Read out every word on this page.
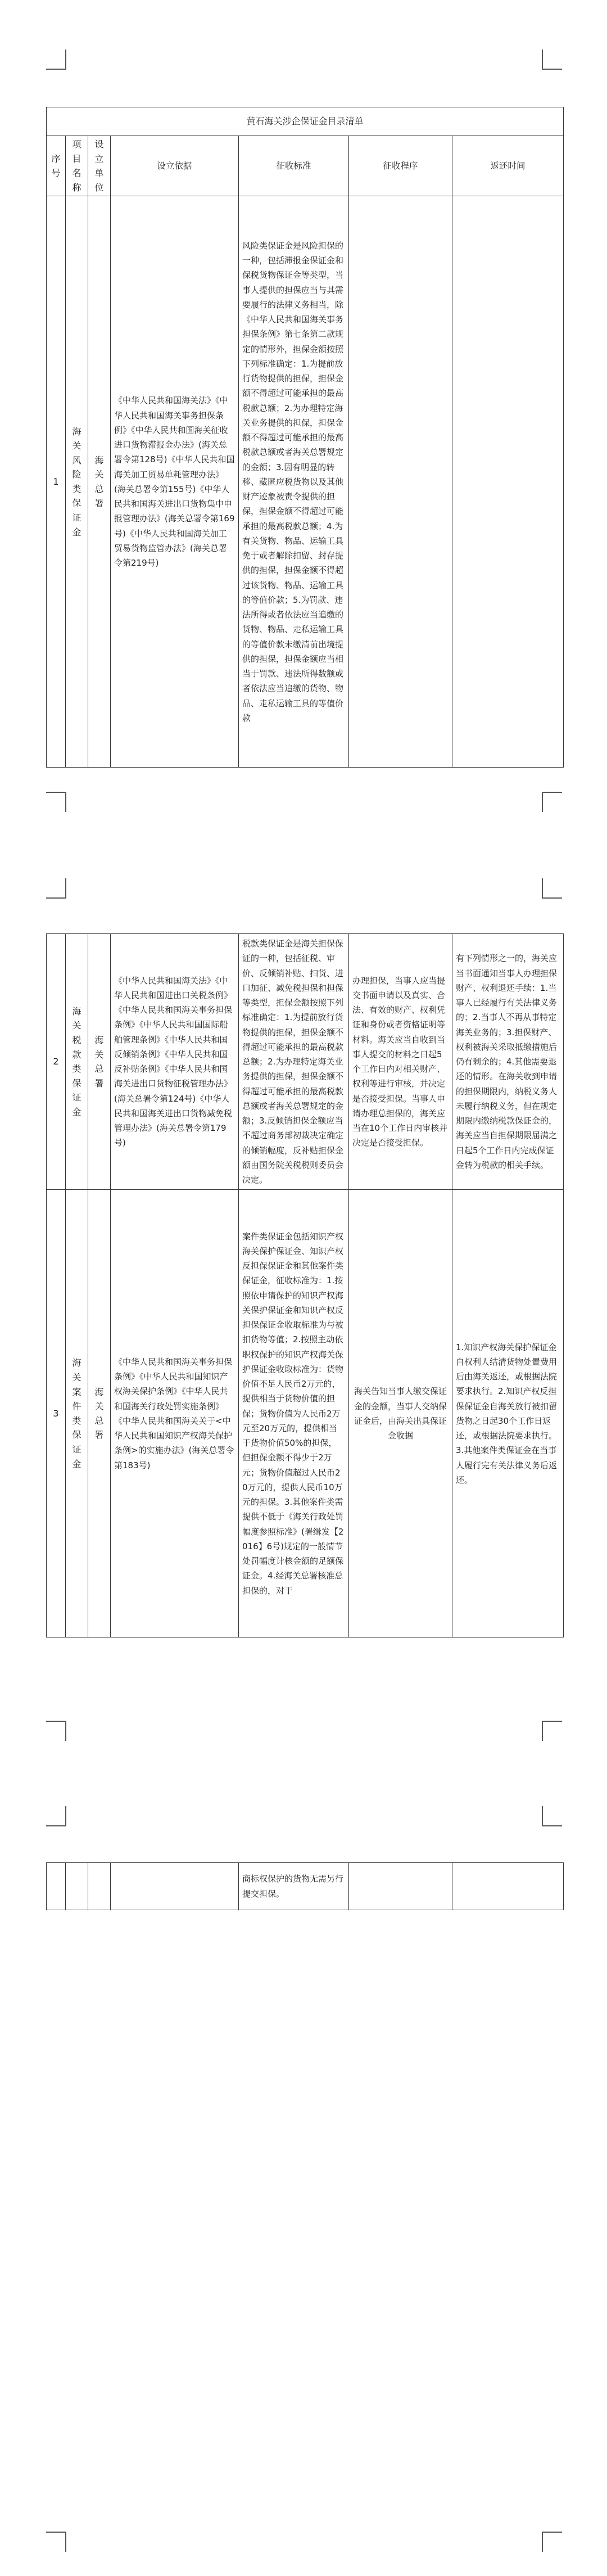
黄石海关涉企保证金目录清单						
序号	项目名称	设立单位	设立依据	征收标准	征收程序	返还时间
1	海关风险类保证金	海关总署	《中华人民共和国海关法》《中华人民共和国海关事务担保条例》《中华人民共和国海关征收进口货物滞报金办法》(海关总署令第128号)《中华人民共和国海关加工贸易单耗管理办法》(海关总署令第155号)《中华人民共和国海关进出口货物集中申报管理办法》(海关总署令第169号)《中华人民共和国海关加工贸易货物监管办法》(海关总署令第219号)	风险类保证金是风险担保的一种，包括滞报金保证金和保税货物保证金等类型，当事人提供的担保应当与其需要履行的法律义务相当，除《中华人民共和国海关事务担保条例》第七条第二款规定的情形外，担保金额按照下列标准确定：1.为提前放行货物提供的担保，担保金额不得超过可能承担的最高税款总额；2.为办理特定海关业务提供的担保，担保金额不得超过可能承担的最高税款总额或者海关总署规定的金额；3.因有明显的转移、藏匿应税货物以及其他财产迹象被责令提供的担保，担保金额不得超过可能承担的最高税款总额；4.为有关货物、物品、运输工具免于或者解除扣留、封存提供的担保，担保金额不得超过该货物、物品、运输工具的等值价款；5.为罚款、违法所得或者依法应当追缴的货物、物品、走私运输工具的等值价款未缴清前出境提供的担保，担保金额应当相当于罚款、违法所得数额或者依法应当追缴的货物、物品、走私运输工具的等值价款		
2	海关税款类保证金	海关总署	《中华人民共和国海关法》《中华人民共和国进出口关税条例》《中华人民共和国海关事务担保条例》《中华人民共和国国际船舶管理条例》《中华人民共和国反倾销条例》《中华人民共和国反补贴条例》《中华人民共和国海关进出口货物征税管理办法》(海关总署令第124号)《中华人民共和国海关进出口货物减免税管理办法》(海关总署令第179号)	税款类保证金是海关担保保证的一种，包括征税、审价、反倾销补贴、扫货、进口加征、减免税担保和担保等类型，担保金额按照下列标准确定：1.为提前放行货物提供的担保，担保金额不得超过可能承担的最高税款总额；2.为办理特定海关业务提供的担保，担保金额不得超过可能承担的最高税款总额或者海关总署规定的金额；3.反倾销担保金额应当不超过商务部初裁决定确定的倾销幅度，反补贴担保金额由国务院关税税则委员会决定。	办理担保，当事人应当提交书面申请以及真实、合法、有效的财产、权利凭证和身份或者资格证明等材料。海关应当自收到当事人提交的材料之日起5个工作日内对相关财产、权利等进行审核，并决定是否接受担保。当事人申请办理总担保的，海关应当在10个工作日内审核并决定是否接受担保。	有下列情形之一的，海关应当书面通知当事人办理担保财产、权利退还手续：1.当事人已经履行有关法律义务的；2.当事人不再从事特定海关业务的；3.担保财产、权利被海关采取抵缴措施后仍有剩余的；4.其他需要退还的情形。在海关收到申请的担保期限内，纳税义务人未履行纳税义务，但在规定期限内缴纳税款保证金的，海关应当自担保期限届满之日起5个工作日内完成保证金转为税款的相关手续。
3	海关案件类保证金	海关总署	《中华人民共和国海关事务担保条例》《中华人民共和国知识产权海关保护条例》《中华人民共和国海关行政处罚实施条例》《中华人民共和国海关关于<中华人民共和国知识产权海关保护条例>的实施办法》(海关总署令第183号)	案件类保证金包括知识产权海关保护保证金、知识产权反担保保证金和其他案件类保证金，征收标准为：1.按照依申请保护的知识产权海关保护保证金和知识产权反担保保证金收取标准为与被扣货物等值；2.按照主动依职权保护的知识产权海关保护保证金收取标准为：货物价值不足人民币2万元的，提供相当于货物价值的担保；货物价值为人民币2万元至20万元的，提供相当于货物价值50%的担保，但担保金额不得少于2万元；货物价值超过人民币20万元的，提供人民币10万元的担保。3.其他案件类需提供不低于《海关行政处罚幅度参照标准》(署缉发【2016】6号)规定的一般情节处罚幅度计核金额的足额保证金。4.经海关总署核准总担保的，对于	海关告知当事人缴交保证金的金额，当事人交纳保证金后，由海关出具保证金收据	1.知识产权海关保护保证金自权利人结清货物处置费用后由海关返还，或根据法院要求执行。2.知识产权反担保保证金自海关放行被扣留货物之日起30个工作日返还，或根据法院要求执行。3.其他案件类保证金在当事人履行完有关法律义务后返还。
				商标权保护的货物无需另行提交担保。		
